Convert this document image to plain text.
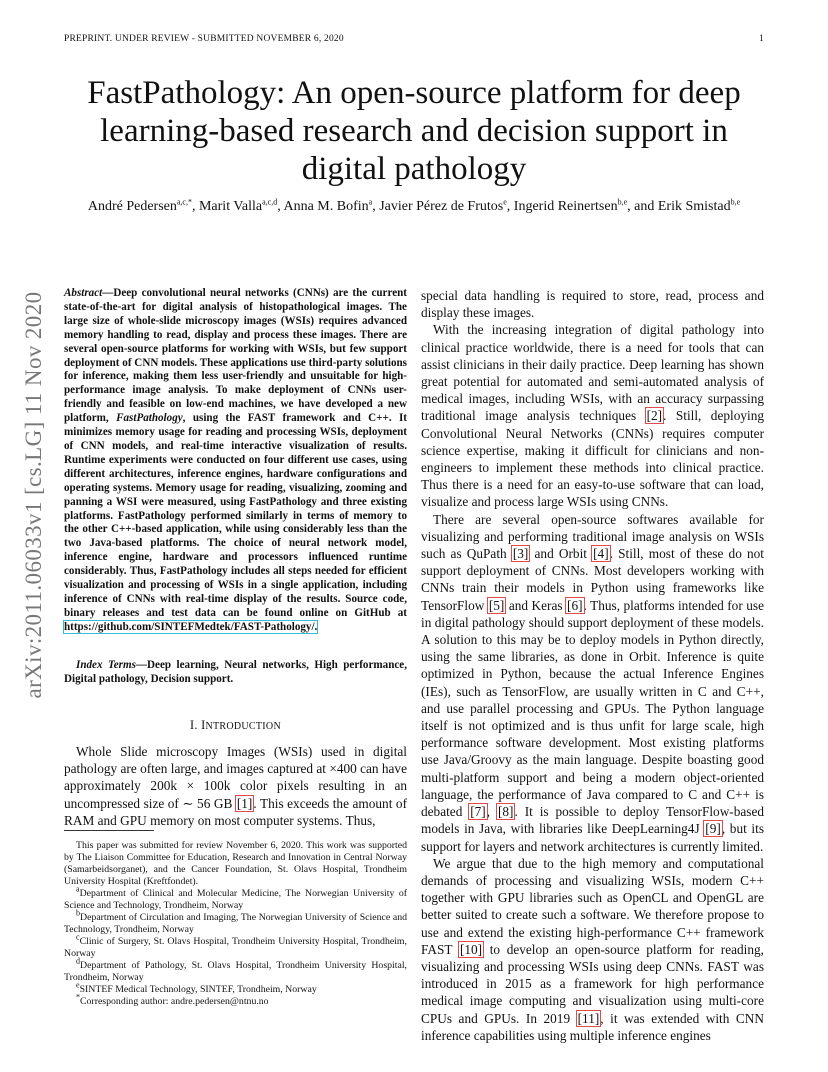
PREPRINT. UNDER REVIEW - SUBMITTED NOVEMBER 6, 2020	1
arXiv:2011.06033v1 [cs.LG] 11 Nov 2020
FastPathology: An open-source platform for deep learning-based research and decision support in digital pathology
André Pedersen$^{a,c,*}$, Marit Valla$^{a,c,d}$, Anna M. Bofin$^a$, Javier Pérez de Frutos$^e$, Ingerid Reinertsen$^{b,e}$, and Erik Smistad$^{b,e}$
Abstract—Deep convolutional neural networks (CNNs) are the current state-of-the-art for digital analysis of histopathological images. The large size of whole-slide microscopy images (WSIs) requires advanced memory handling to read, display and process these images. There are several open-source platforms for working with WSIs, but few support deployment of CNN models. These applications use third-party solutions for inference, making them less user-friendly and unsuitable for high-performance image analysis. To make deployment of CNNs user-friendly and feasible on low-end machines, we have developed a new platform, FastPathology, using the FAST framework and C++. It minimizes memory usage for reading and processing WSIs, deployment of CNN models, and real-time interactive visualization of results. Runtime experiments were conducted on four different use cases, using different architectures, inference engines, hardware configurations and operating systems. Memory usage for reading, visualizing, zooming and panning a WSI were measured, using FastPathology and three existing platforms. FastPathology performed similarly in terms of memory to the other C++-based application, while using considerably less than the two Java-based platforms. The choice of neural network model, inference engine, hardware and processors influenced runtime considerably. Thus, FastPathology includes all steps needed for efficient visualization and processing of WSIs in a single application, including inference of CNNs with real-time display of the results. Source code, binary releases and test data can be found online on GitHub at https://github.com/SINTEFMedtek/FAST-Pathology/.
Index Terms—Deep learning, Neural networks, High performance, Digital pathology, Decision support.
I. INTRODUCTION
Whole Slide microscopy Images (WSIs) used in digital pathology are often large, and images captured at ×400 can have approximately 200k × 100k color pixels resulting in an uncompressed size of ∼ 56 GB [1]. This exceeds the amount of RAM and GPU memory on most computer systems. Thus,

This paper was submitted for review November 6, 2020. This work was supported by The Liaison Committee for Education, Research and Innovation in Central Norway (Samarbeidsorganet), and the Cancer Foundation, St. Olavs Hospital, Trondheim University Hospital (Kreftfondet).

$^a$Department of Clinical and Molecular Medicine, The Norwegian University of Science and Technology, Trondheim, Norway

$^b$Department of Circulation and Imaging, The Norwegian University of Science and Technology, Trondheim, Norway

$^c$Clinic of Surgery, St. Olavs Hospital, Trondheim University Hospital, Trondheim, Norway

$^d$Department of Pathology, St. Olavs Hospital, Trondheim University Hospital, Trondheim, Norway

$^e$SINTEF Medical Technology, SINTEF, Trondheim, Norway

*Corresponding author: andre.pedersen@ntnu.no

special data handling is required to store, read, process and display these images.

With the increasing integration of digital pathology into clinical practice worldwide, there is a need for tools that can assist clinicians in their daily practice. Deep learning has shown great potential for automated and semi-automated analysis of medical images, including WSIs, with an accuracy surpassing traditional image analysis techniques [2]. Still, deploying Convolutional Neural Networks (CNNs) requires computer science expertise, making it difficult for clinicians and non-engineers to implement these methods into clinical practice. Thus there is a need for an easy-to-use software that can load, visualize and process large WSIs using CNNs.

There are several open-source softwares available for visualizing and performing traditional image analysis on WSIs such as QuPath [3] and Orbit [4]. Still, most of these do not support deployment of CNNs. Most developers working with CNNs train their models in Python using frameworks like TensorFlow [5] and Keras [6]. Thus, platforms intended for use in digital pathology should support deployment of these models. A solution to this may be to deploy models in Python directly, using the same libraries, as done in Orbit. Inference is quite optimized in Python, because the actual Inference Engines (IEs), such as TensorFlow, are usually written in C and C++, and use parallel processing and GPUs. The Python language itself is not optimized and is thus unfit for large scale, high performance software development. Most existing platforms use Java/Groovy as the main language. Despite boasting good multi-platform support and being a modern object-oriented language, the performance of Java compared to C and C++ is debated [7], [8]. It is possible to deploy TensorFlow-based models in Java, with libraries like DeepLearning4J [9], but its support for layers and network architectures is currently limited.

We argue that due to the high memory and computational demands of processing and visualizing WSIs, modern C++ together with GPU libraries such as OpenCL and OpenGL are better suited to create such a software. We therefore propose to use and extend the existing high-performance C++ framework FAST [10] to develop an open-source platform for reading, visualizing and processing WSIs using deep CNNs. FAST was introduced in 2015 as a framework for high performance medical image computing and visualization using multi-core CPUs and GPUs. In 2019 [11], it was extended with CNN inference capabilities using multiple inference engines
